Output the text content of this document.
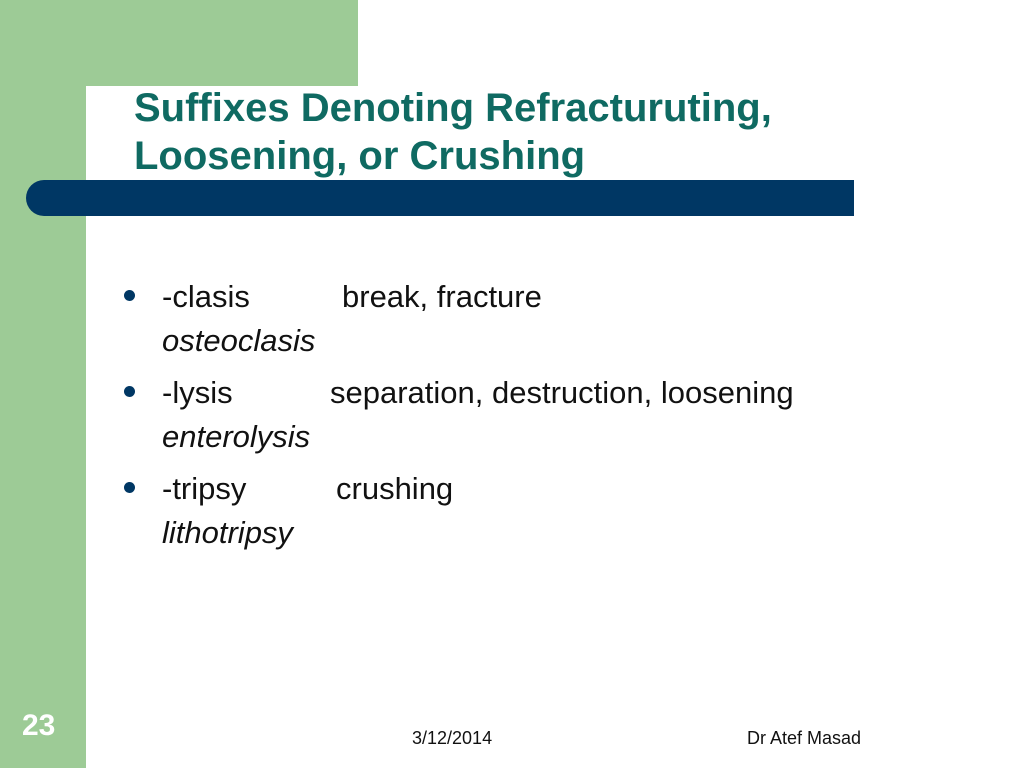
Suffixes Denoting Refracturuting,
Loosening, or Crushing
-clasis	break, fracture
osteoclasis
-lysis	separation, destruction, loosening
enterolysis
-tripsy	crushing
lithotripsy
23	3/12/2014	Dr Atef Masad
